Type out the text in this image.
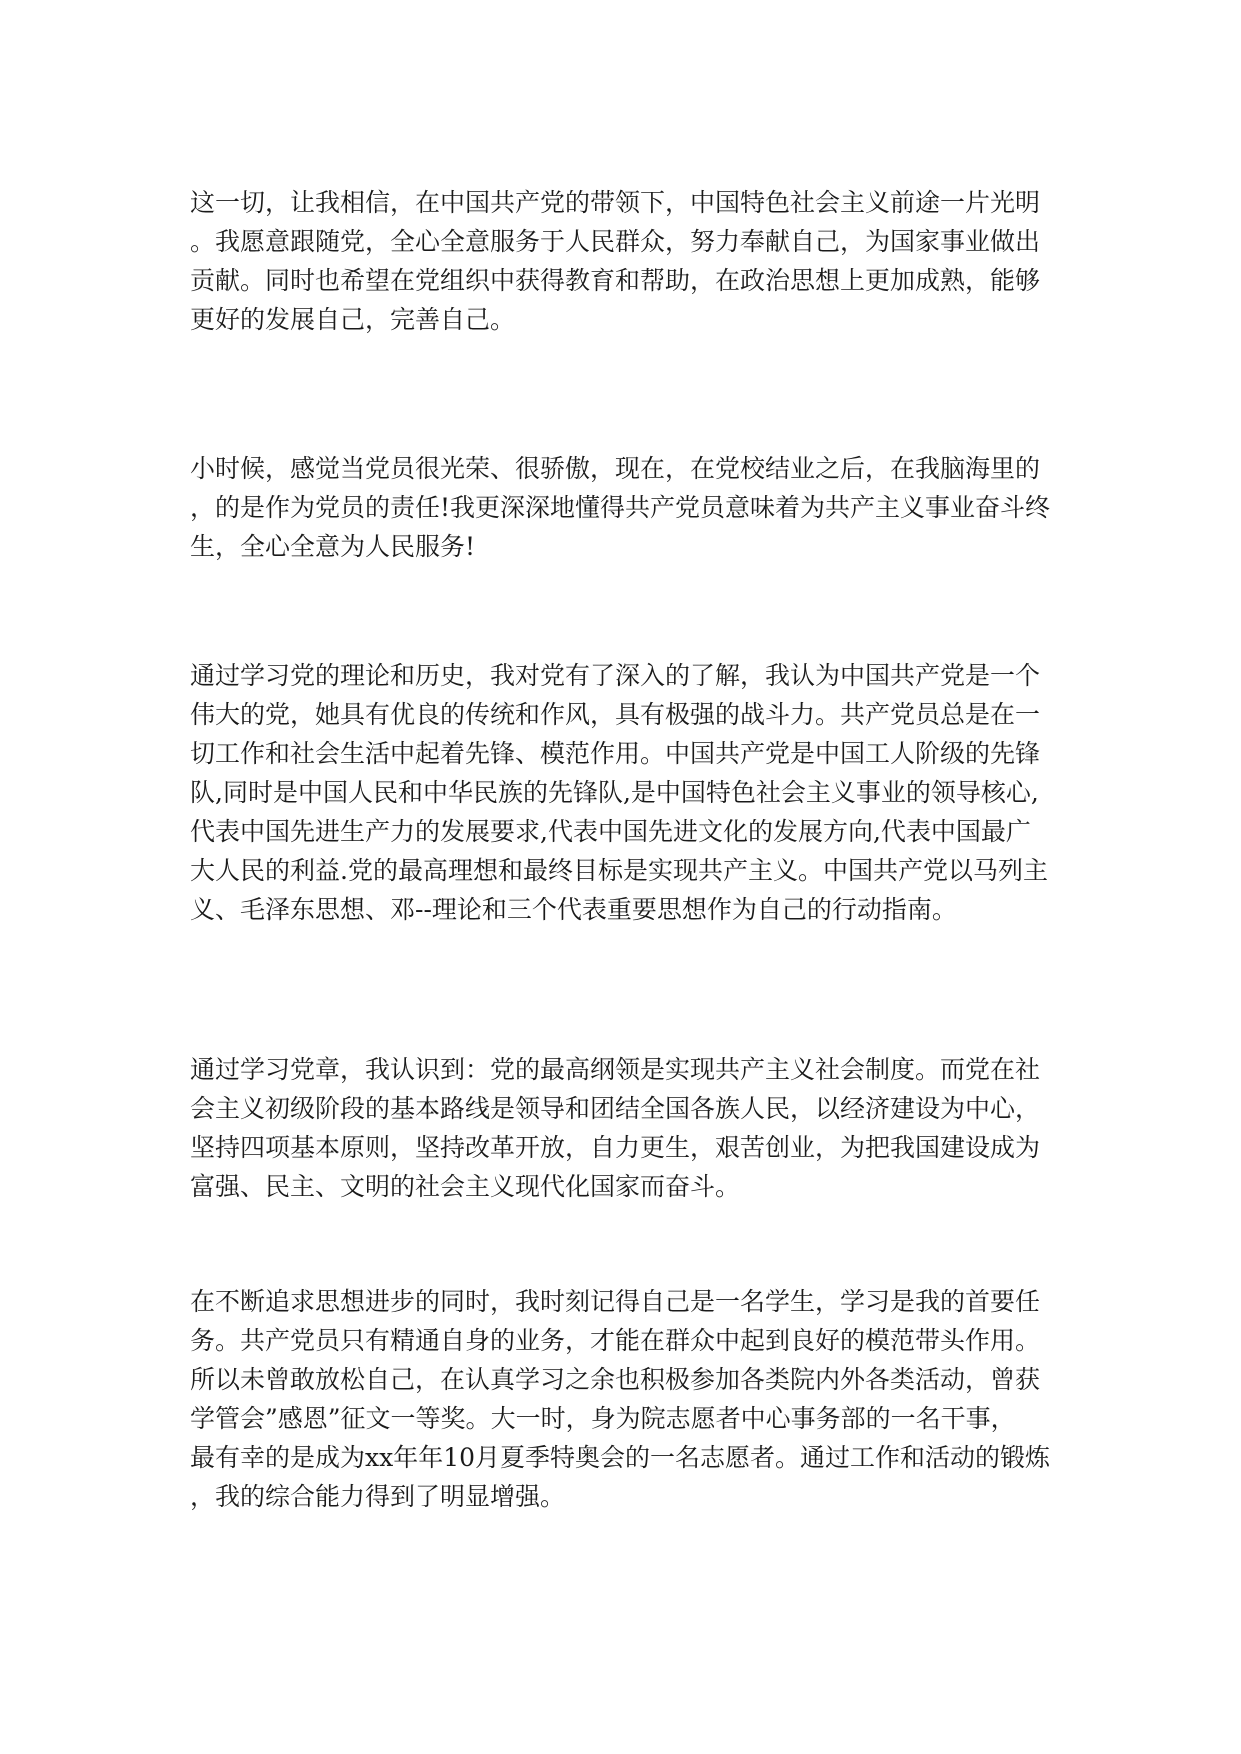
这一切，让我相信，在中国共产党的带领下，中国特色社会主义前途一片光明
。我愿意跟随党，全心全意服务于人民群众，努力奉献自己，为国家事业做出
贡献。同时也希望在党组织中获得教育和帮助，在政治思想上更加成熟，能够
更好的发展自己，完善自己。
小时候，感觉当党员很光荣、很骄傲，现在，在党校结业之后，在我脑海里的
，的是作为党员的责任!我更深深地懂得共产党员意味着为共产主义事业奋斗终
生，全心全意为人民服务!
通过学习党的理论和历史，我对党有了深入的了解，我认为中国共产党是一个
伟大的党，她具有优良的传统和作风，具有极强的战斗力。共产党员总是在一
切工作和社会生活中起着先锋、模范作用。中国共产党是中国工人阶级的先锋
队,同时是中国人民和中华民族的先锋队,是中国特色社会主义事业的领导核心,
代表中国先进生产力的发展要求,代表中国先进文化的发展方向,代表中国最广
大人民的利益.党的最高理想和最终目标是实现共产主义。中国共产党以马列主
义、毛泽东思想、邓--理论和三个代表重要思想作为自己的行动指南。
通过学习党章，我认识到：党的最高纲领是实现共产主义社会制度。而党在社
会主义初级阶段的基本路线是领导和团结全国各族人民，以经济建设为中心，
坚持四项基本原则，坚持改革开放，自力更生，艰苦创业，为把我国建设成为
富强、民主、文明的社会主义现代化国家而奋斗。
在不断追求思想进步的同时，我时刻记得自己是一名学生，学习是我的首要任
务。共产党员只有精通自身的业务，才能在群众中起到良好的模范带头作用。
所以未曾敢放松自己，在认真学习之余也积极参加各类院内外各类活动，曾获
学管会”感恩”征文一等奖。大一时，身为院志愿者中心事务部的一名干事，
最有幸的是成为xx年年10月夏季特奥会的一名志愿者。通过工作和活动的锻炼
，我的综合能力得到了明显增强。
